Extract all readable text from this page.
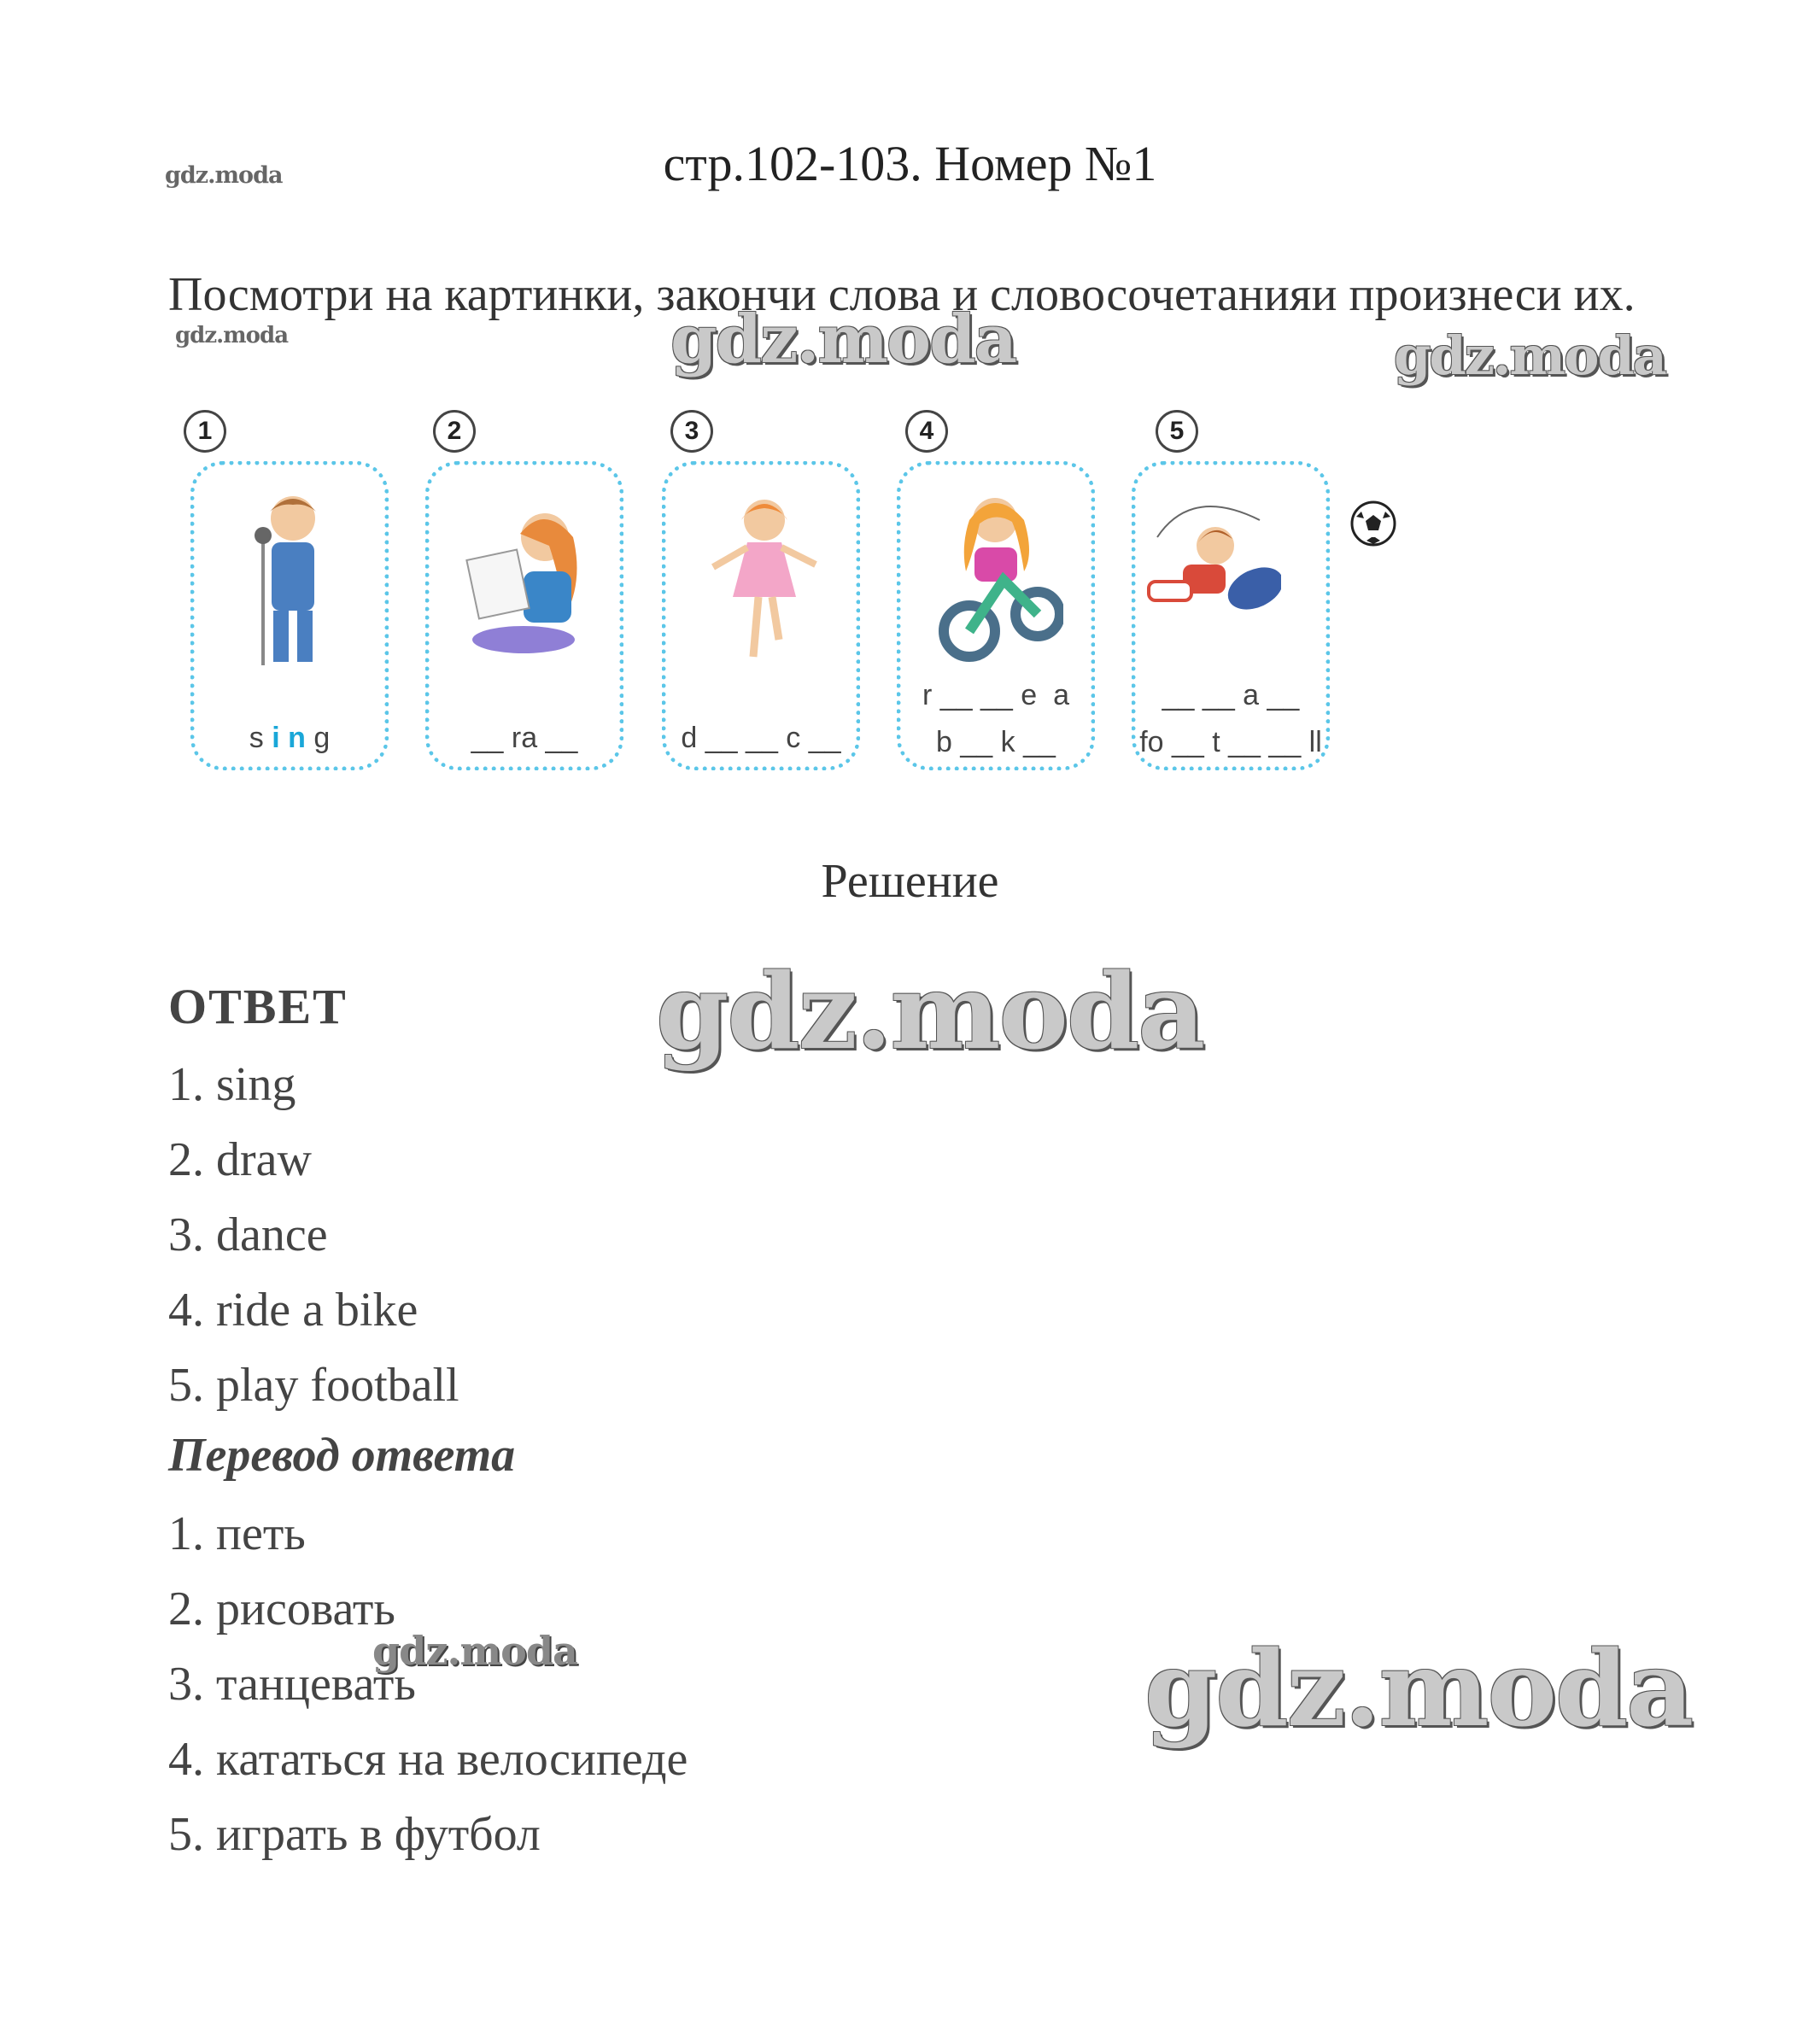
gdz.moda
gdz.moda	gdz.moda	gdz.moda
gdz.moda
gdz.moda	gdz.moda
стр.102-103. Номер №1
Посмотри на картинки, закончи слова и словосочетанияи произнеси их.
1
s i n g
2
__ ra __
3
d __ __ c __
4
r __ __ e  a
b __ k __
5
__ __ a __
fo __ t __ __ ll
Решение
ОТВЕТ
1. sing
2. draw
3. dance
4. ride a bike
5. play football
Перевод ответа
1. петь
2. рисовать
3. танцевать
4. кататься на велосипеде
5. играть в футбол
